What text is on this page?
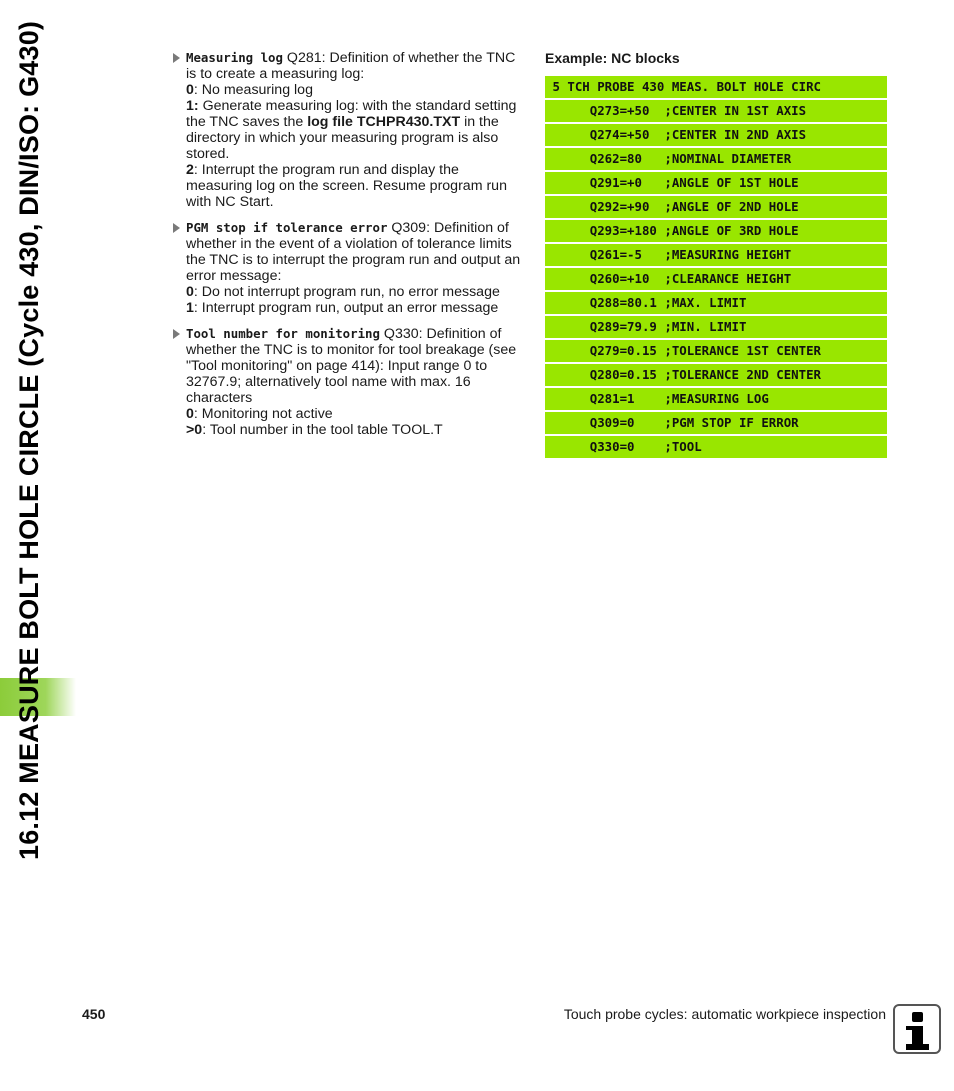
16.12 MEASURE BOLT HOLE CIRCLE (Cycle 430, DIN/ISO: G430)	Measuring log Q281: Definition of whether the TNC is to create a measuring log:

0: No measuring log

1: Generate measuring log: with the standard setting the TNC saves the log file TCHPR430.TXT in the directory in which your measuring program is also stored.

2: Interrupt the program run and display the measuring log on the screen. Resume program run with NC Start.

PGM stop if tolerance error Q309: Definition of whether in the event of a violation of tolerance limits the TNC is to interrupt the program run and output an error message:

0: Do not interrupt program run, no error message

1: Interrupt program run, output an error message

Tool number for monitoring Q330: Definition of whether the TNC is to monitor for tool breakage (see "Tool monitoring" on page 414): Input range 0 to 32767.9; alternatively tool name with max. 16 characters

0: Monitoring not active

>0: Tool number in the tool table TOOL.T

Example: NC blocks
5 TCH PROBE 430 MEAS. BOLT HOLE CIRC
Q273=+50  ;CENTER IN 1ST AXIS
Q274=+50  ;CENTER IN 2ND AXIS
Q262=80   ;NOMINAL DIAMETER
Q291=+0   ;ANGLE OF 1ST HOLE
Q292=+90  ;ANGLE OF 2ND HOLE
Q293=+180 ;ANGLE OF 3RD HOLE
Q261=-5   ;MEASURING HEIGHT
Q260=+10  ;CLEARANCE HEIGHT
Q288=80.1 ;MAX. LIMIT
Q289=79.9 ;MIN. LIMIT
Q279=0.15 ;TOLERANCE 1ST CENTER
Q280=0.15 ;TOLERANCE 2ND CENTER
Q281=1    ;MEASURING LOG
Q309=0    ;PGM STOP IF ERROR
Q330=0    ;TOOL
450	Touch probe cycles: automatic workpiece inspection
